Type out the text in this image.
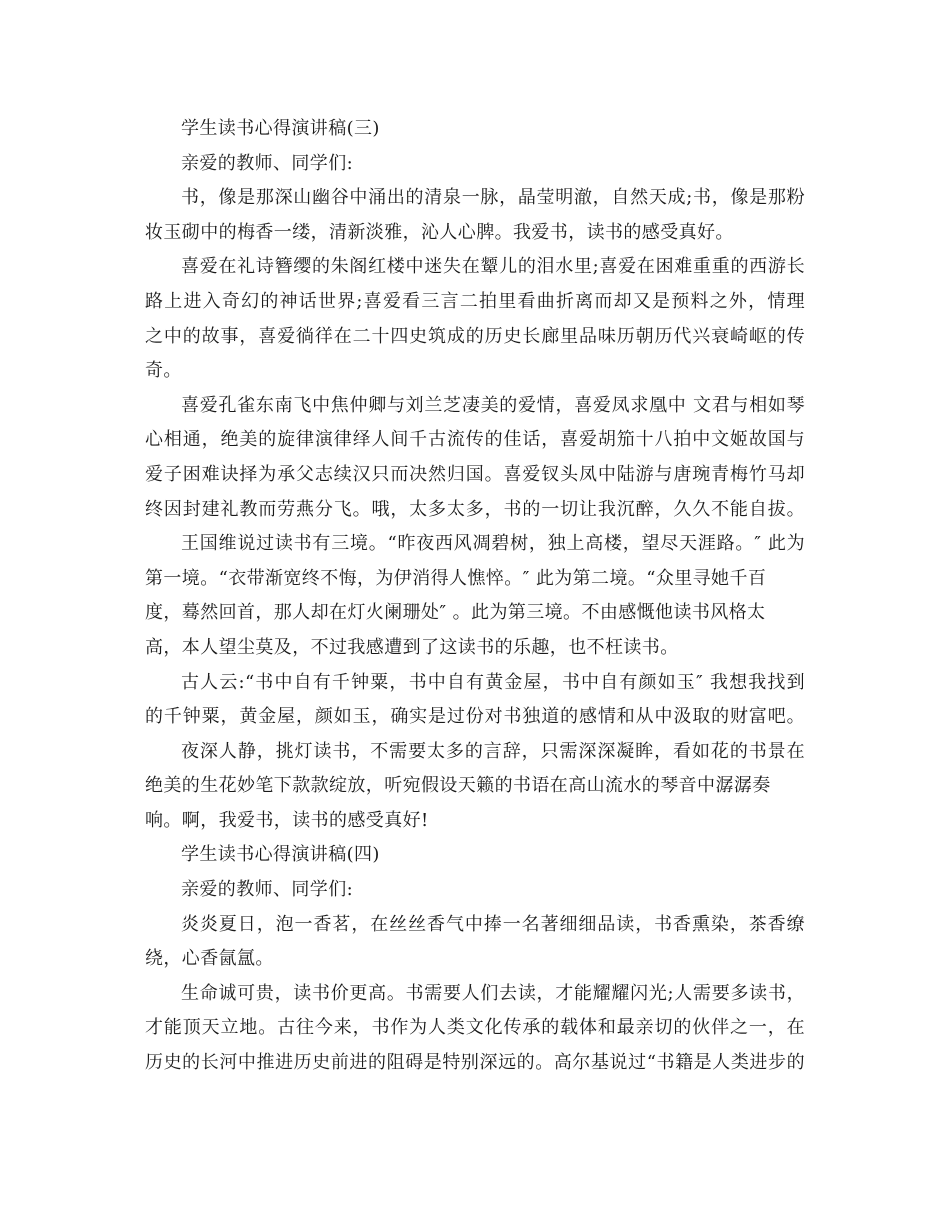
学生读书心得演讲稿(三)
亲爱的教师、同学们:
书，像是那深山幽谷中涌出的清泉一脉，晶莹明澈，自然天成;书，像是那粉
妆玉砌中的梅香一缕，清新淡雅，沁人心脾。我爱书，读书的感受真好。
喜爱在礼诗簪缨的朱阁红楼中迷失在颦儿的泪水里;喜爱在困难重重的西游长
路上进入奇幻的神话世界;喜爱看三言二拍里看曲折离而却又是预料之外，情理
之中的故事，喜爱徜徉在二十四史筑成的历史长廊里品味历朝历代兴衰崎岖的传
奇。
喜爱孔雀东南飞中焦仲卿与刘兰芝凄美的爱情，喜爱凤求凰中 文君与相如琴
心相通，绝美的旋律演律绎人间千古流传的佳话，喜爱胡笳十八拍中文姬故国与
爱子困难诀择为承父志续汉只而决然归国。喜爱钗头凤中陆游与唐琬青梅竹马却
终因封建礼教而劳燕分飞。哦，太多太多，书的一切让我沉醉，久久不能自拔。
王国维说过读书有三境。“昨夜西风凋碧树，独上高楼，望尽天涯路。″ 此为
第一境。“衣带渐宽终不悔，为伊消得人憔悴。″ 此为第二境。“众里寻她千百
度，蓦然回首，那人却在灯火阑珊处″ 。此为第三境。不由感慨他读书风格太
高，本人望尘莫及，不过我感遭到了这读书的乐趣，也不枉读书。
古人云:“书中自有千钟粟，书中自有黄金屋，书中自有颜如玉″ 我想我找到
的千钟粟，黄金屋，颜如玉，确实是过份对书独道的感情和从中汲取的财富吧。
夜深人静，挑灯读书，不需要太多的言辞，只需深深凝眸，看如花的书景在
绝美的生花妙笔下款款绽放，听宛假设天籁的书语在高山流水的琴音中潺潺奏
响。啊，我爱书，读书的感受真好!
学生读书心得演讲稿(四)
亲爱的教师、同学们:
炎炎夏日，泡一香茗，在丝丝香气中捧一名著细细品读，书香熏染，茶香缭
绕，心香氤氲。
生命诚可贵，读书价更高。书需要人们去读，才能耀耀闪光;人需要多读书，
才能顶天立地。古往今来，书作为人类文化传承的载体和最亲切的伙伴之一，在
历史的长河中推进历史前进的阻碍是特别深远的。高尔基说过“书籍是人类进步的
